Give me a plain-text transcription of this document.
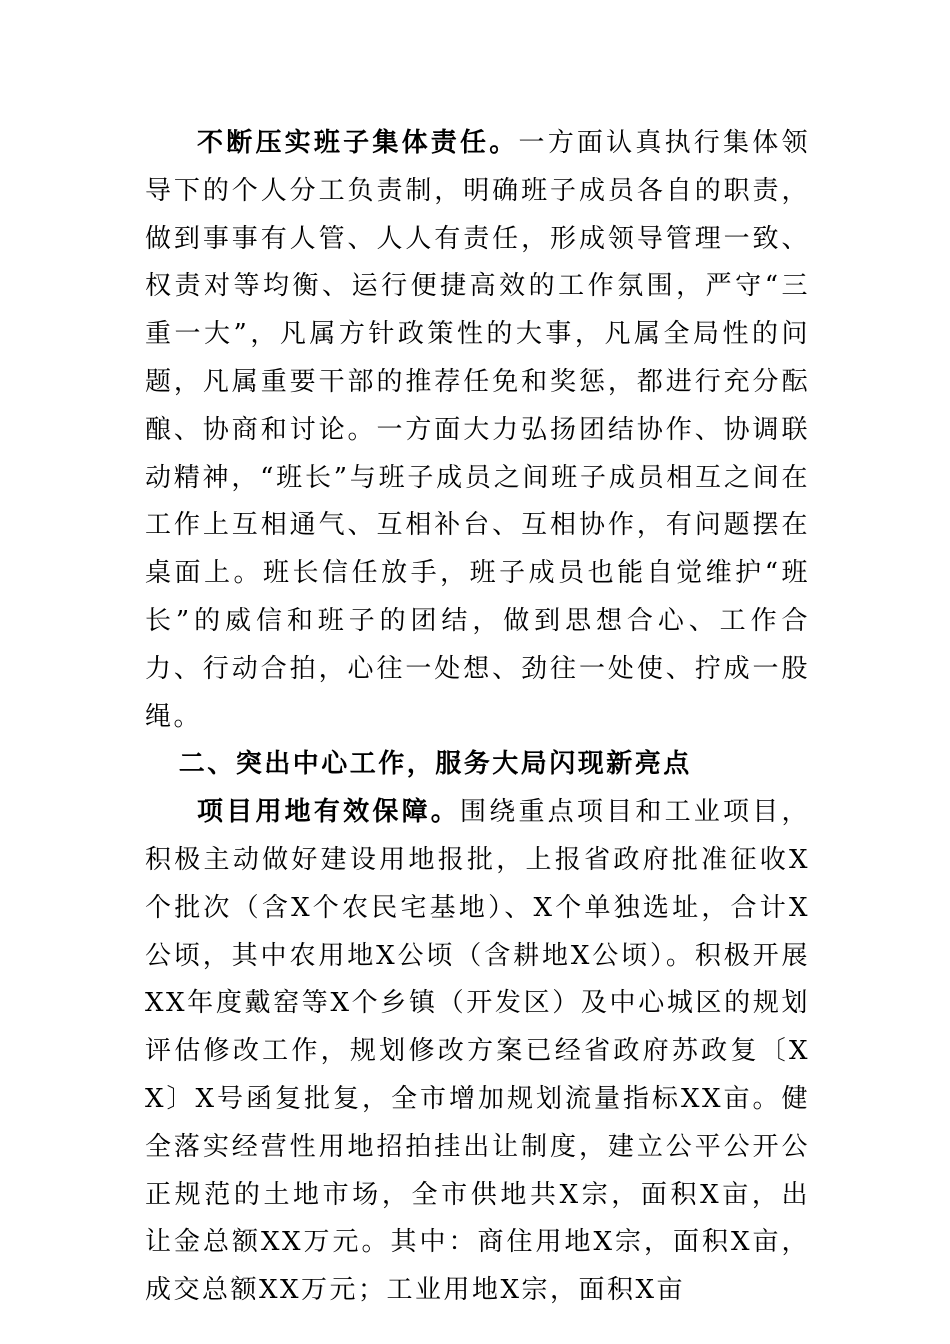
不断压实班子集体责任。一方面认真执行集体领导下的个人分工负责制，明确班子成员各自的职责，做到事事有人管、人人有责任，形成领导管理一致、权责对等均衡、运行便捷高效的工作氛围，严守“三重一大”，凡属方针政策性的大事，凡属全局性的问题，凡属重要干部的推荐任免和奖惩，都进行充分酝酿、协商和讨论。一方面大力弘扬团结协作、协调联动精神，“班长”与班子成员之间班子成员相互之间在工作上互相通气、互相补台、互相协作，有问题摆在桌面上。班长信任放手，班子成员也能自觉维护“班长”的威信和班子的团结，做到思想合心、工作合力、行动合拍，心往一处想、劲往一处使、拧成一股绳。

二、突出中心工作，服务大局闪现新亮点

项目用地有效保障。围绕重点项目和工业项目，积极主动做好建设用地报批，上报省政府批准征收X个批次（含X个农民宅基地）、X个单独选址，合计X公顷，其中农用地X公顷（含耕地X公顷）。积极开展XX年度戴窑等X个乡镇（开发区）及中心城区的规划评估修改工作，规划修改方案已经省政府苏政复〔XX〕X号函复批复，全市增加规划流量指标XX亩。健全落实经营性用地招拍挂出让制度，建立公平公开公正规范的土地市场，全市供地共X宗，面积X亩，出让金总额XX万元。其中：商住用地X宗，面积X亩，成交总额XX万元；工业用地X宗，面积X亩
